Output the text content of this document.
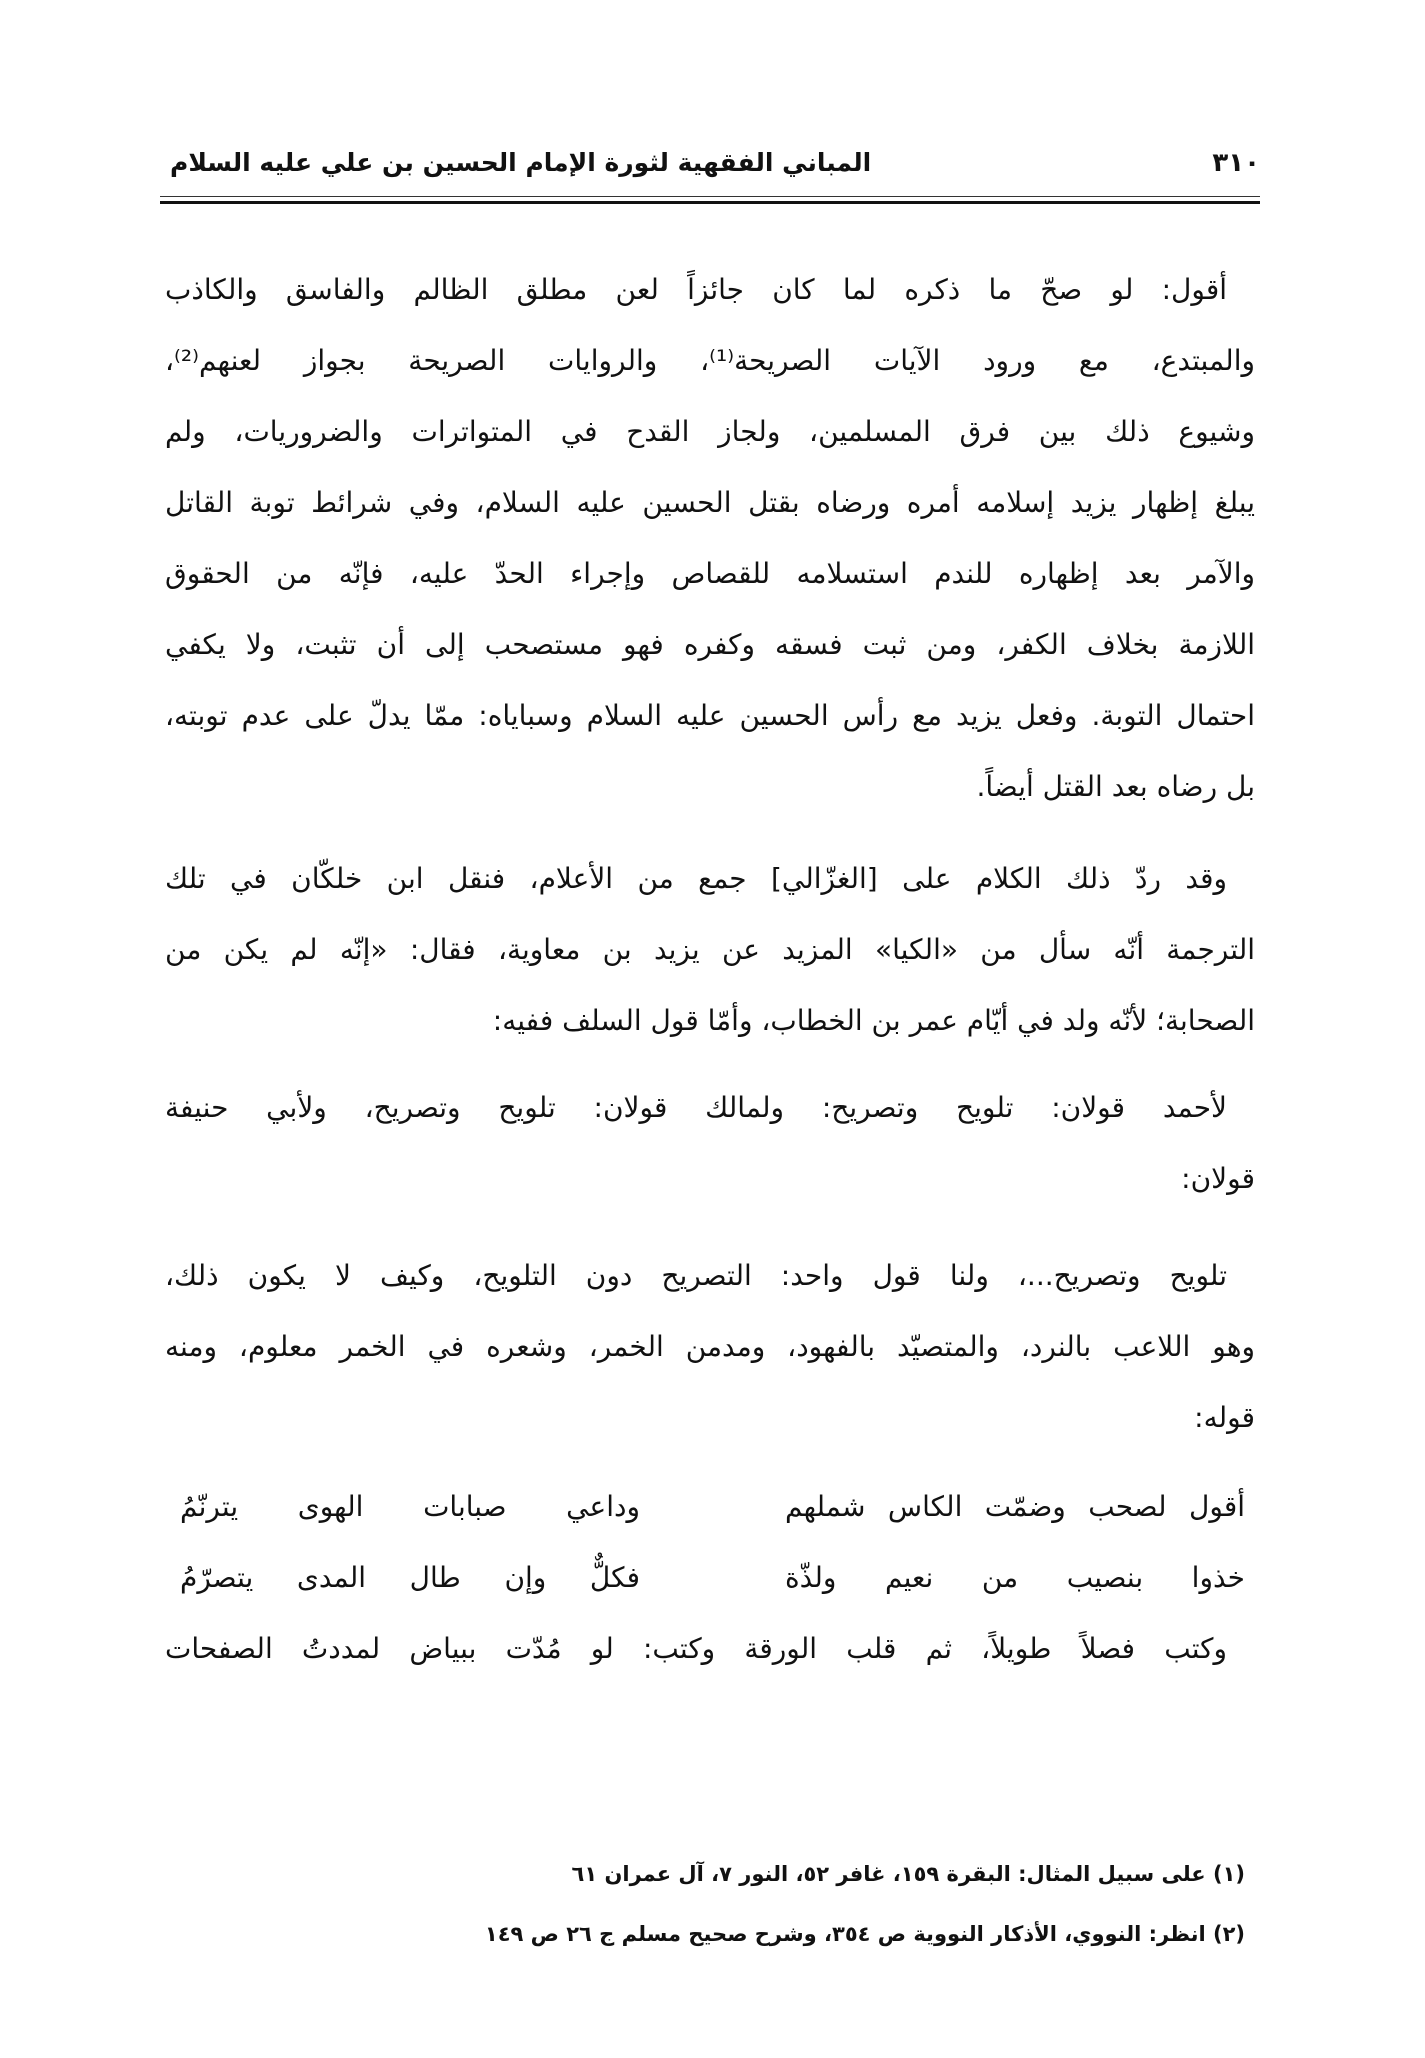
٣١٠
المباني الفقهية لثورة الإمام الحسين بن علي عليه السلام
أقول: لو صحّ ما ذكره لما كان جائزاً لعن مطلق الظالم والفاسق والكاذب
والمبتدع، مع ورود الآيات الصريحة⁽¹⁾، والروايات الصريحة بجواز لعنهم⁽²⁾،
وشيوع ذلك بين فرق المسلمين، ولجاز القدح في المتواترات والضروريات، ولم
يبلغ إظهار يزيد إسلامه أمره ورضاه بقتل الحسين عليه السلام، وفي شرائط توبة القاتل
والآمر بعد إظهاره للندم استسلامه للقصاص وإجراء الحدّ عليه، فإنّه من الحقوق
اللازمة بخلاف الكفر، ومن ثبت فسقه وكفره فهو مستصحب إلى أن تثبت، ولا يكفي
احتمال التوبة. وفعل يزيد مع رأس الحسين عليه السلام وسباياه: ممّا يدلّ على عدم توبته،
بل رضاه بعد القتل أيضاً.
وقد ردّ ذلك الكلام على [الغزّالي] جمع من الأعلام، فنقل ابن خلكّان في تلك
الترجمة أنّه سأل من «الكيا» المزيد عن يزيد بن معاوية، فقال: «إنّه لم يكن من
الصحابة؛ لأنّه ولد في أيّام عمر بن الخطاب، وأمّا قول السلف ففيه:
لأحمد قولان: تلويح وتصريح: ولمالك قولان: تلويح وتصريح، ولأبي حنيفة
قولان:
تلويح وتصريح...، ولنا قول واحد: التصريح دون التلويح، وكيف لا يكون ذلك،
وهو اللاعب بالنرد، والمتصيّد بالفهود، ومدمن الخمر، وشعره في الخمر معلوم، ومنه
قوله:
أقول لصحب وضمّت الكاس شملهم
وداعي صبابات الهوى يترنّمُ
خذوا بنصيب من نعيم ولذّة
فكلٌّ وإن طال المدى يتصرّمُ
وكتب فصلاً طويلاً، ثم قلب الورقة وكتب: لو مُدّت ببياض لمددتُ الصفحات
(١) على سبيل المثال: البقرة ١٥٩، غافر ٥٢، النور ٧، آل عمران ٦١
(٢) انظر: النووي، الأذكار النووية ص ٣٥٤، وشرح صحيح مسلم ج ٢٦ ص ١٤٩
